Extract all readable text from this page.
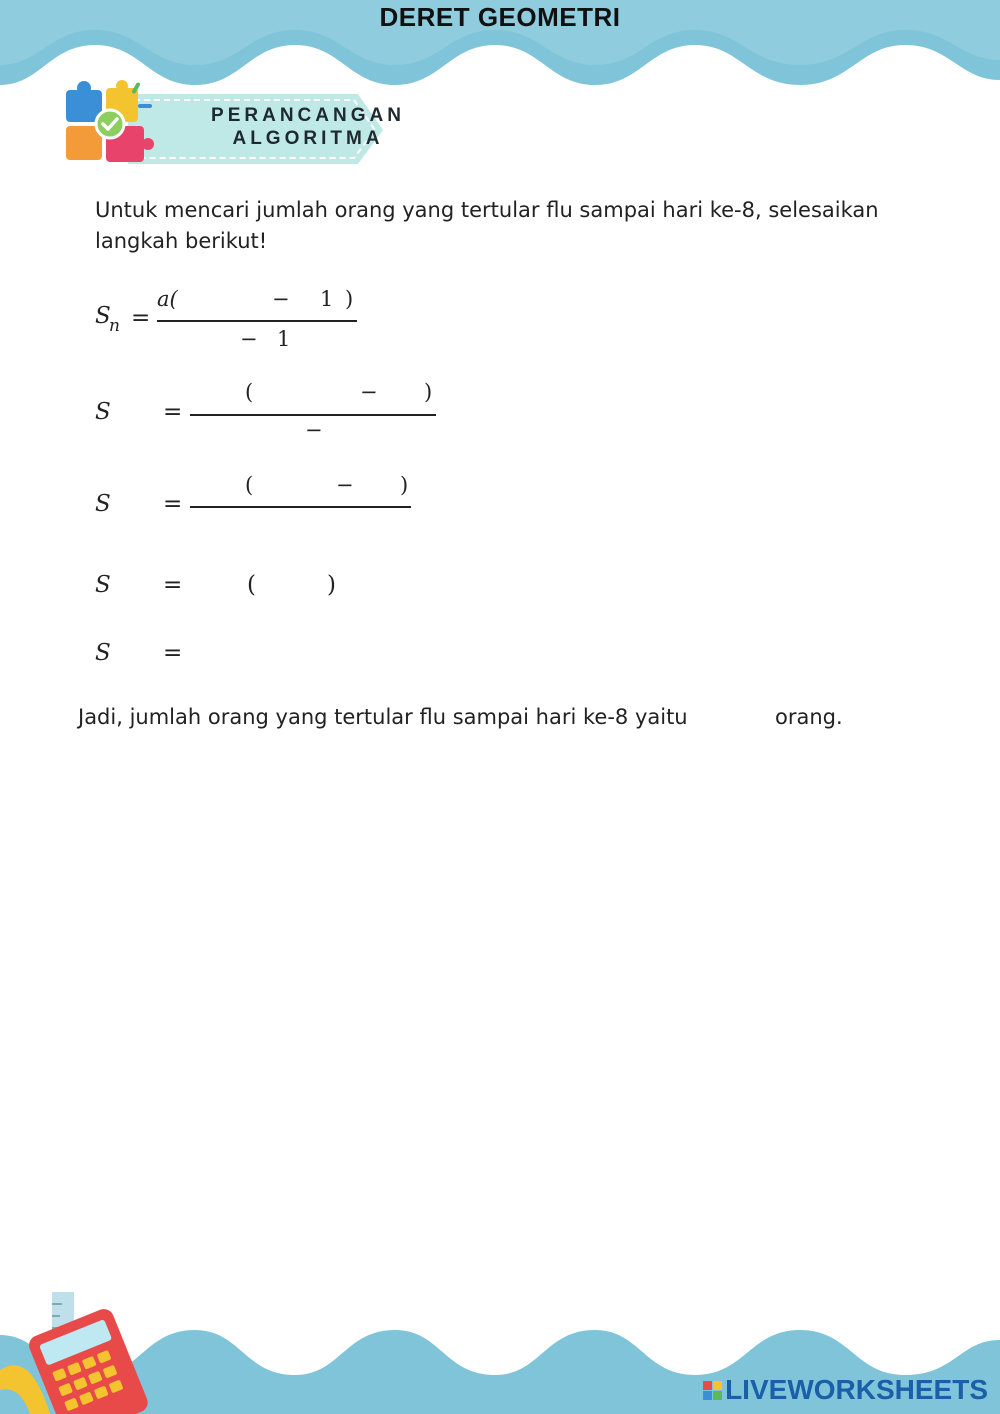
DERET GEOMETRI
PERANCANGAN
ALGORITMA
Untuk mencari jumlah orang yang tertular flu sampai hari ke-8, selesaikan
langkah berikut!
S
n =
a(	− 1 )
− 1
S =
(	− )
−
S =
(	− )
S =	(	)
S =
Jadi, jumlah orang yang tertular flu sampai hari ke-8 yaitu	orang.
LIVEWORKSHEETS
